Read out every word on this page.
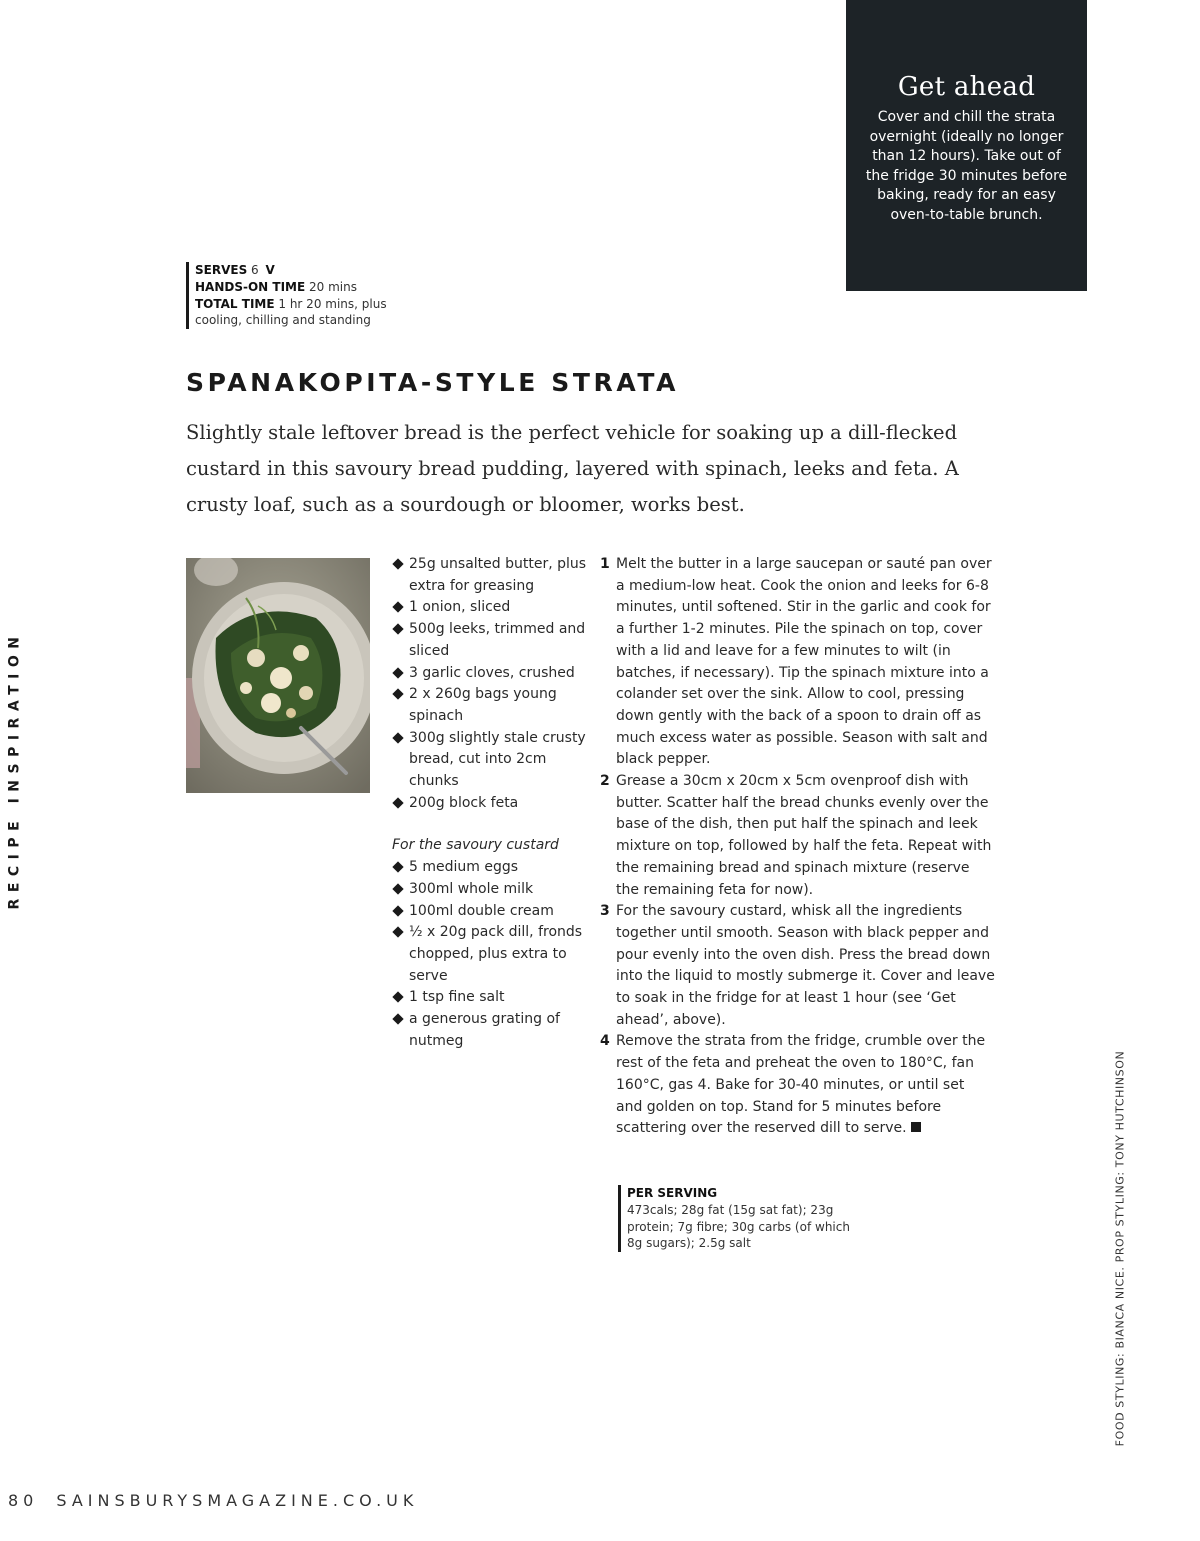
Get ahead

Cover and chill the strata overnight (ideally no longer than 12 hours). Take out of the fridge 30 minutes before baking, ready for an easy oven-to-table brunch.

SERVES 6 V
HANDS-ON TIME 20 mins
TOTAL TIME 1 hr 20 mins, plus cooling, chilling and standing
SPANAKOPITA-STYLE STRATA

Slightly stale leftover bread is the perfect vehicle for soaking up a dill-flecked custard in this savoury bread pudding, layered with spinach, leeks and feta. A crusty loaf, such as a sourdough or bloomer, works best.

25g unsalted butter, plus extra for greasing
1 onion, sliced
500g leeks, trimmed and sliced
3 garlic cloves, crushed
2 x 260g bags young spinach
300g slightly stale crusty bread, cut into 2cm chunks
200g block feta
For the savoury custard
5 medium eggs
300ml whole milk
100ml double cream
½ x 20g pack dill, fronds chopped, plus extra to serve
1 tsp fine salt
a generous grating of nutmeg
1 Melt the butter in a large saucepan or sauté pan over a medium-low heat. Cook the onion and leeks for 6-8 minutes, until softened. Stir in the garlic and cook for a further 1-2 minutes. Pile the spinach on top, cover with a lid and leave for a few minutes to wilt (in batches, if necessary). Tip the spinach mixture into a colander set over the sink. Allow to cool, pressing down gently with the back of a spoon to drain off as much excess water as possible. Season with salt and black pepper.
2 Grease a 30cm x 20cm x 5cm ovenproof dish with butter. Scatter half the bread chunks evenly over the base of the dish, then put half the spinach and leek mixture on top, followed by half the feta. Repeat with the remaining bread and spinach mixture (reserve the remaining feta for now).
3 For the savoury custard, whisk all the ingredients together until smooth. Season with black pepper and pour evenly into the oven dish. Press the bread down into the liquid to mostly submerge it. Cover and leave to soak in the fridge for at least 1 hour (see ‘Get ahead’, above).
4 Remove the strata from the fridge, crumble over the rest of the feta and preheat the oven to 180°C, fan 160°C, gas 4. Bake for 30-40 minutes, or until set and golden on top. Stand for 5 minutes before scattering over the reserved dill to serve.
PER SERVING
473cals; 28g fat (15g sat fat); 23g protein; 7g fibre; 30g carbs (of which 8g sugars); 2.5g salt
RECIPE INSPIRATION
FOOD STYLING: BIANCA NICE. PROP STYLING: TONY HUTCHINSON
80 SAINSBURYSMAGAZINE.CO.UK
